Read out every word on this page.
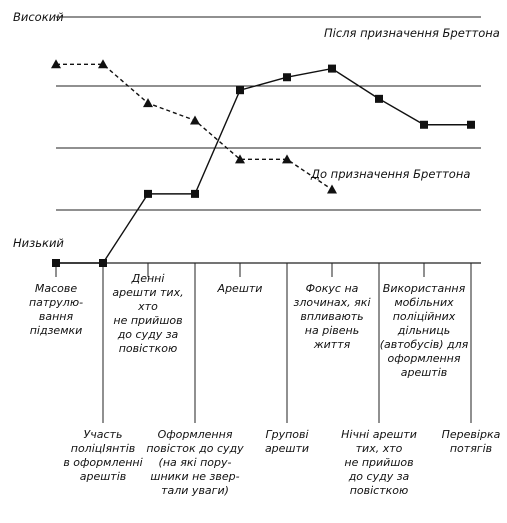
Масове
патрулю-
вання
підземки
Участь
поліцІянтів
в оформленні
арештів
Денні
арешти тих,
хто
не прийшов
до суду за
повісткою
Оформлення
повісток до суду
(на які пору-
шники не звер-
тали уваги)
Арешти
Групові
арешти
Фокус на
злочинах, які
впливають
на рівень
життя
Нічні арешти
тих, хто
не прийшов
до суду за
повісткою
Використання
мобільних
поліційних
дільниць
(автобусів) для
оформлення
арештів
Перевірка
потягів
Високий
Низький
До призначення Бреттона
Після призначення Бреттона
